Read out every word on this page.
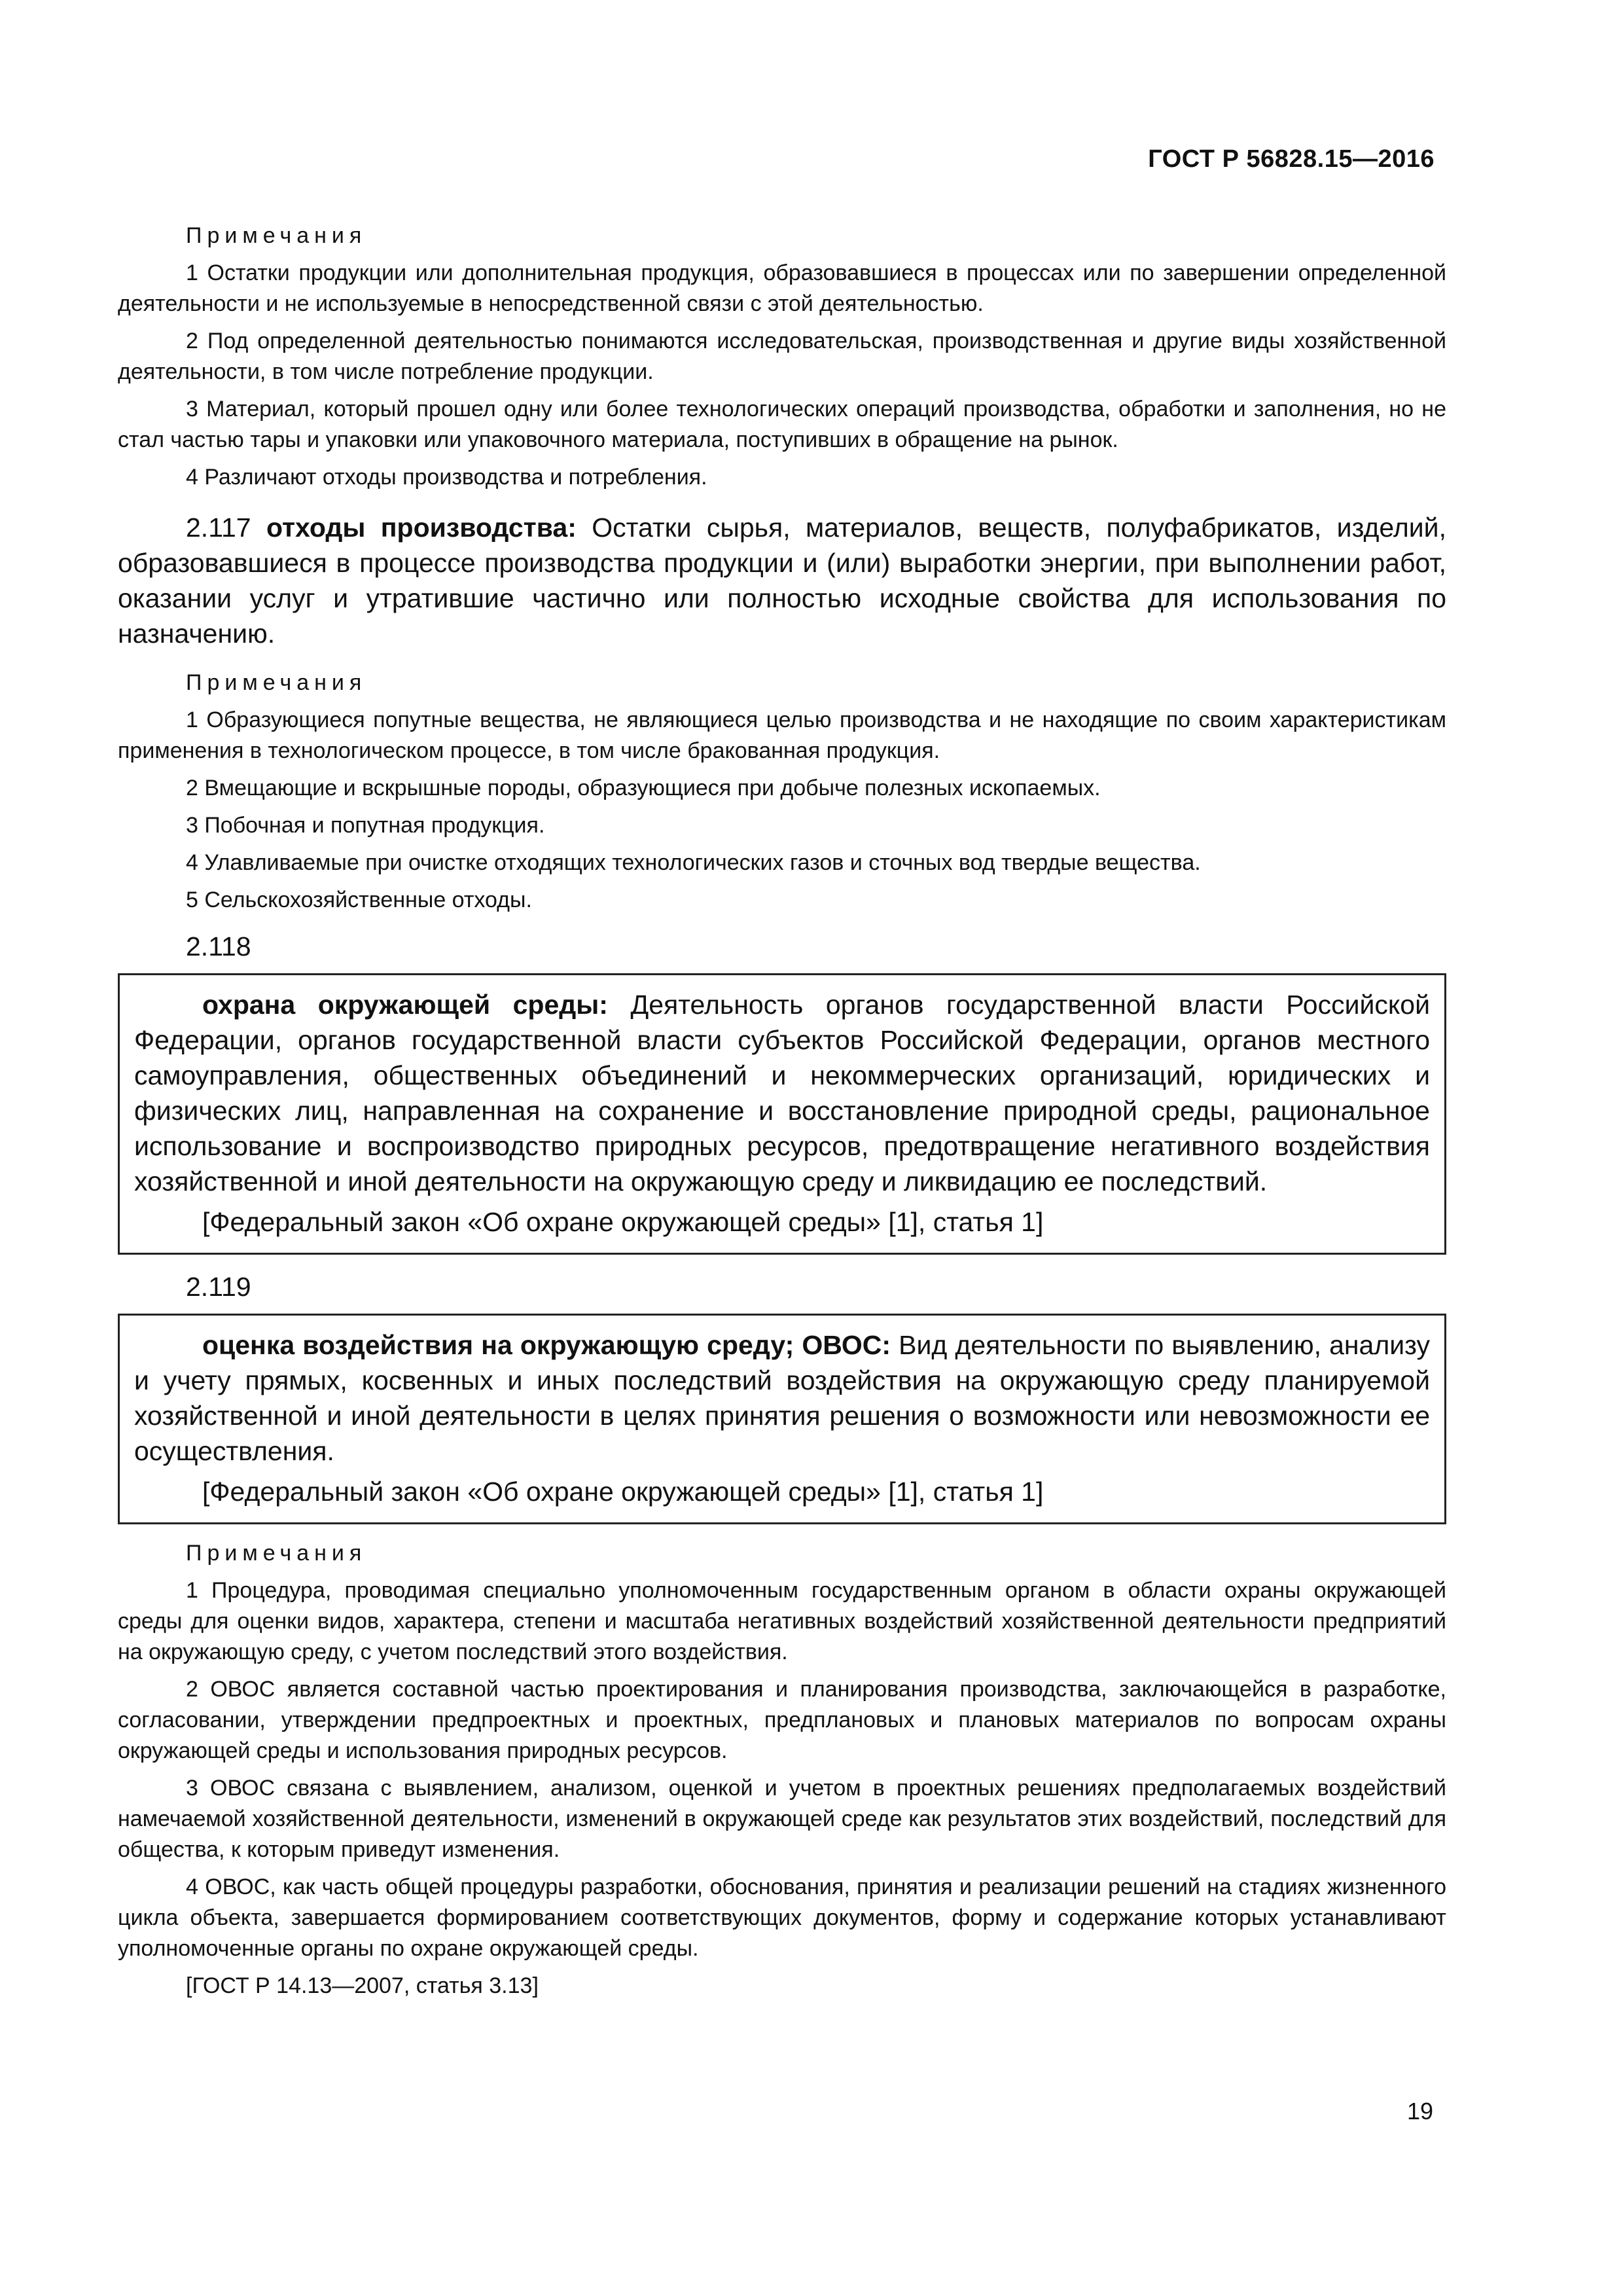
ГОСТ Р 56828.15—2016
Примечания
1 Остатки продукции или дополнительная продукция, образовавшиеся в процессах или по завершении определенной деятельности и не используемые в непосредственной связи с этой деятельностью.
2 Под определенной деятельностью понимаются исследовательская, производственная и другие виды хозяйственной деятельности, в том числе потребление продукции.
3 Материал, который прошел одну или более технологических операций производства, обработки и заполнения, но не стал частью тары и упаковки или упаковочного материала, поступивших в обращение на рынок.
4 Различают отходы производства и потребления.
2.117 отходы производства: Остатки сырья, материалов, веществ, полуфабрикатов, изделий, образовавшиеся в процессе производства продукции и (или) выработки энергии, при выполнении работ, оказании услуг и утратившие частично или полностью исходные свойства для использования по назначению.
Примечания
1 Образующиеся попутные вещества, не являющиеся целью производства и не находящие по своим характеристикам применения в технологическом процессе, в том числе бракованная продукция.
2 Вмещающие и вскрышные породы, образующиеся при добыче полезных ископаемых.
3 Побочная и попутная продукция.
4 Улавливаемые при очистке отходящих технологических газов и сточных вод твердые вещества.
5 Сельскохозяйственные отходы.
2.118
охрана окружающей среды: Деятельность органов государственной власти Российской Федерации, органов государственной власти субъектов Российской Федерации, органов местного самоуправления, общественных объединений и некоммерческих организаций, юридических и физических лиц, направленная на сохранение и восстановление природной среды, рациональное использование и воспроизводство природных ресурсов, предотвращение негативного воздействия хозяйственной и иной деятельности на окружающую среду и ликвидацию ее последствий.
[Федеральный закон «Об охране окружающей среды» [1], статья 1]
2.119
оценка воздействия на окружающую среду; ОВОС: Вид деятельности по выявлению, анализу и учету прямых, косвенных и иных последствий воздействия на окружающую среду планируемой хозяйственной и иной деятельности в целях принятия решения о возможности или невозможности ее осуществления.
[Федеральный закон «Об охране окружающей среды» [1], статья 1]
Примечания
1 Процедура, проводимая специально уполномоченным государственным органом в области охраны окружающей среды для оценки видов, характера, степени и масштаба негативных воздействий хозяйственной деятельности предприятий на окружающую среду, с учетом последствий этого воздействия.
2 ОВОС является составной частью проектирования и планирования производства, заключающейся в разработке, согласовании, утверждении предпроектных и проектных, предплановых и плановых материалов по вопросам охраны окружающей среды и использования природных ресурсов.
3 ОВОС связана с выявлением, анализом, оценкой и учетом в проектных решениях предполагаемых воздействий намечаемой хозяйственной деятельности, изменений в окружающей среде как результатов этих воздействий, последствий для общества, к которым приведут изменения.
4 ОВОС, как часть общей процедуры разработки, обоснования, принятия и реализации решений на стадиях жизненного цикла объекта, завершается формированием соответствующих документов, форму и содержание которых устанавливают уполномоченные органы по охране окружающей среды.
[ГОСТ Р 14.13—2007, статья 3.13]
19
